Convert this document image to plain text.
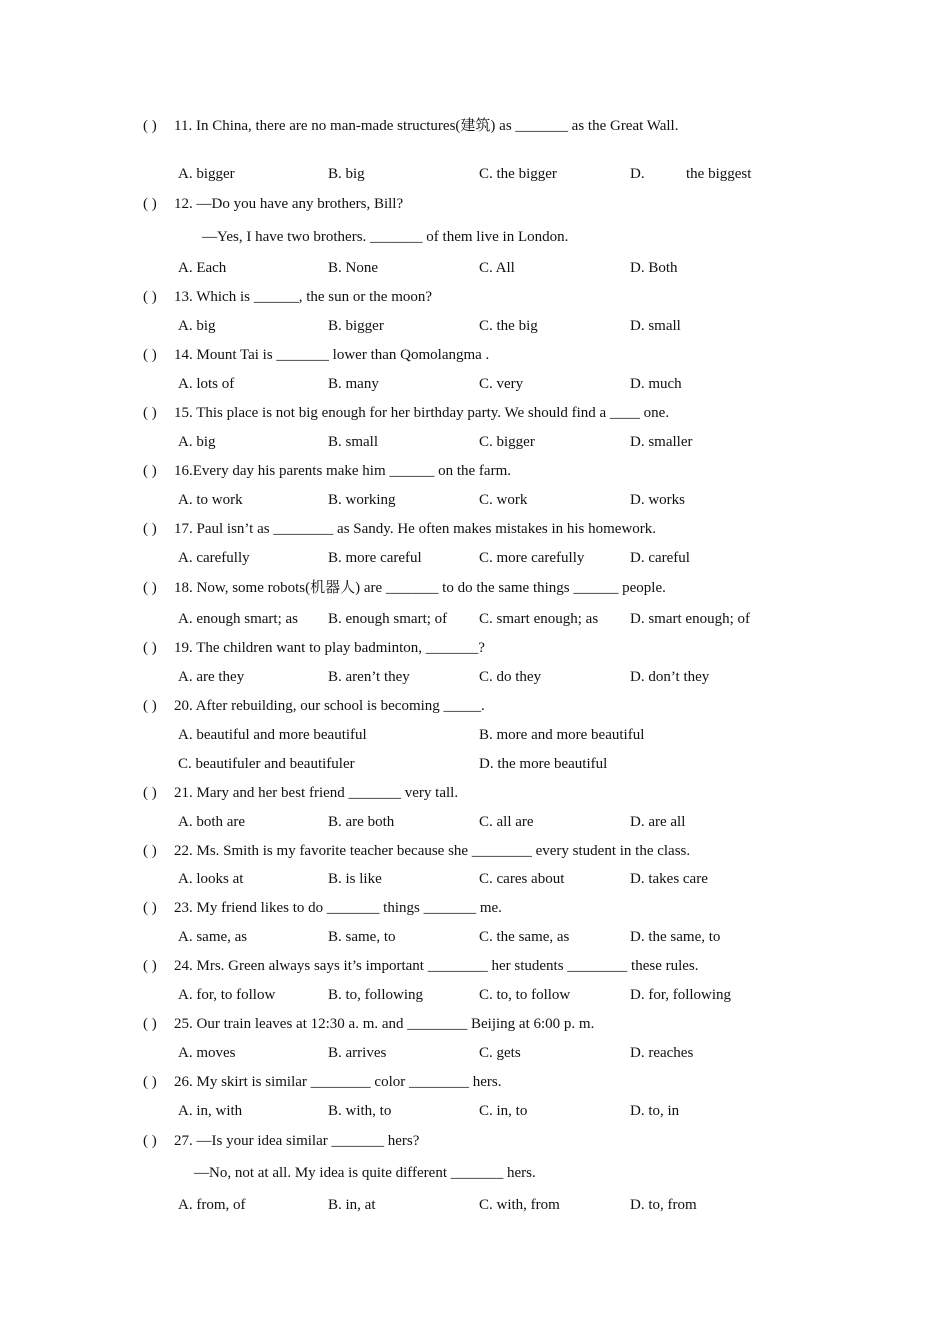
( ) 11. In China, there are no man-made structures(建筑) as _______ as the Great Wall.
A. bigger	B. big	C. the bigger	D.	the biggest
( ) 12. —Do you have any brothers, Bill?
—Yes, I have two brothers. _______ of them live in London.
A. Each	B. None	C. All	D. Both
( ) 13. Which is ______, the sun or the moon?
A. big	B. bigger	C. the big	D. small
( ) 14. Mount Tai is _______ lower than Qomolangma .
A. lots of	B. many	C. very	D. much
( ) 15. This place is not big enough for her birthday party. We should find a ____ one.
A. big	B. small	C. bigger	D. smaller
( ) 16.Every day his parents make him ______ on the farm.
A. to work	B. working	C. work	D. works
( ) 17. Paul isn’t as ________ as Sandy. He often makes mistakes in his homework.
A. carefully	B. more careful	C. more carefully	D. careful
( ) 18. Now, some robots(机器人) are _______ to do the same things ______ people.
A. enough smart; as B. enough smart; of C. smart enough; as D. smart enough; of
( ) 19. The children want to play badminton, _______?
A. are they	B. aren’t they	C. do they	D. don’t they
( ) 20. After rebuilding, our school is becoming _____.
A. beautiful and more beautiful	B. more and more beautiful
C. beautifuler and beautifuler	D. the more beautiful
( ) 21. Mary and her best friend _______ very tall.
A. both are	B. are both	C. all are	D. are all
( ) 22. Ms. Smith is my favorite teacher because she ________ every student in the class.
A. looks at	B. is like	C. cares about	D. takes care
( ) 23. My friend likes to do _______ things _______ me.
A. same, as	B. same, to	C. the same, as	D. the same, to
( ) 24. Mrs. Green always says it’s important ________ her students ________ these rules.
A. for, to follow	B. to, following	C. to, to follow	D. for, following
( ) 25. Our train leaves at 12:30 a. m. and ________ Beijing at 6:00 p. m.
A. moves	B. arrives	C. gets	D. reaches
( ) 26. My skirt is similar ________ color ________ hers.
A. in, with	B. with, to	C. in, to	D. to, in
( ) 27. —Is your idea similar _______ hers?
—No, not at all. My idea is quite different _______ hers.
A. from, of	B. in, at	C. with, from	D. to, from
